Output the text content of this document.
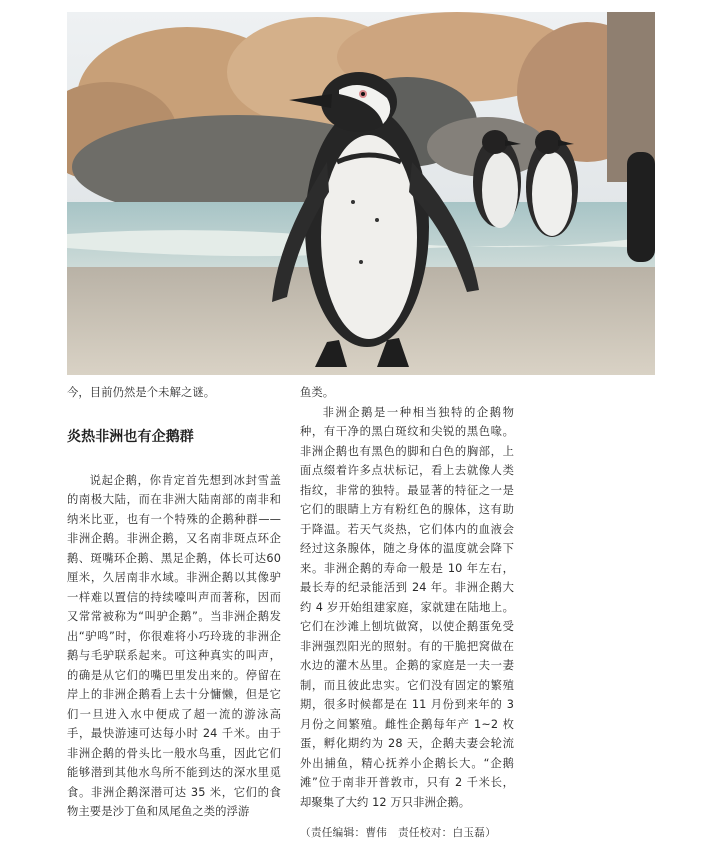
今，目前仍然是个未解之谜。

炎热非洲也有企鹅群

说起企鹅，你肯定首先想到冰封雪盖的南极大陆，而在非洲大陆南部的南非和纳米比亚，也有一个特殊的企鹅种群——非洲企鹅。非洲企鹅，又名南非斑点环企鹅、斑嘴环企鹅、黑足企鹅，体长可达60 厘米，久居南非水域。非洲企鹅以其像驴一样难以置信的持续嚎叫声而著称，因而又常常被称为“叫驴企鹅”。当非洲企鹅发出“驴鸣”时，你很难将小巧玲珑的非洲企鹅与毛驴联系起来。可这种真实的叫声，的确是从它们的嘴巴里发出来的。停留在岸上的非洲企鹅看上去十分慵懒，但是它们一旦进入水中便成了超一流的游泳高手，最快游速可达每小时 24 千米。由于非洲企鹅的骨头比一般水鸟重，因此它们能够潜到其他水鸟所不能到达的深水里觅食。非洲企鹅深潜可达 35 米，它们的食物主要是沙丁鱼和凤尾鱼之类的浮游

鱼类。

非洲企鹅是一种相当独特的企鹅物种，有干净的黑白斑纹和尖锐的黑色喙。非洲企鹅也有黑色的脚和白色的胸部，上面点缀着许多点状标记，看上去就像人类指纹，非常的独特。最显著的特征之一是它们的眼睛上方有粉红色的腺体，这有助于降温。若天气炎热，它们体内的血液会经过这条腺体，随之身体的温度就会降下来。非洲企鹅的寿命一般是 10 年左右，最长寿的纪录能活到 24 年。非洲企鹅大约 4 岁开始组建家庭，家就建在陆地上。它们在沙滩上刨坑做窝，以使企鹅蛋免受非洲强烈阳光的照射。有的干脆把窝做在水边的灌木丛里。企鹅的家庭是一夫一妻制，而且彼此忠实。它们没有固定的繁殖期，很多时候都是在 11 月份到来年的 3 月份之间繁殖。雌性企鹅每年产 1~2 枚蛋，孵化期约为 28 天，企鹅夫妻会轮流外出捕鱼，精心抚养小企鹅长大。“企鹅滩”位于南非开普敦市，只有 2 千米长，却聚集了大约 12 万只非洲企鹅。

（责任编辑：曹伟　责任校对：白玉磊）
